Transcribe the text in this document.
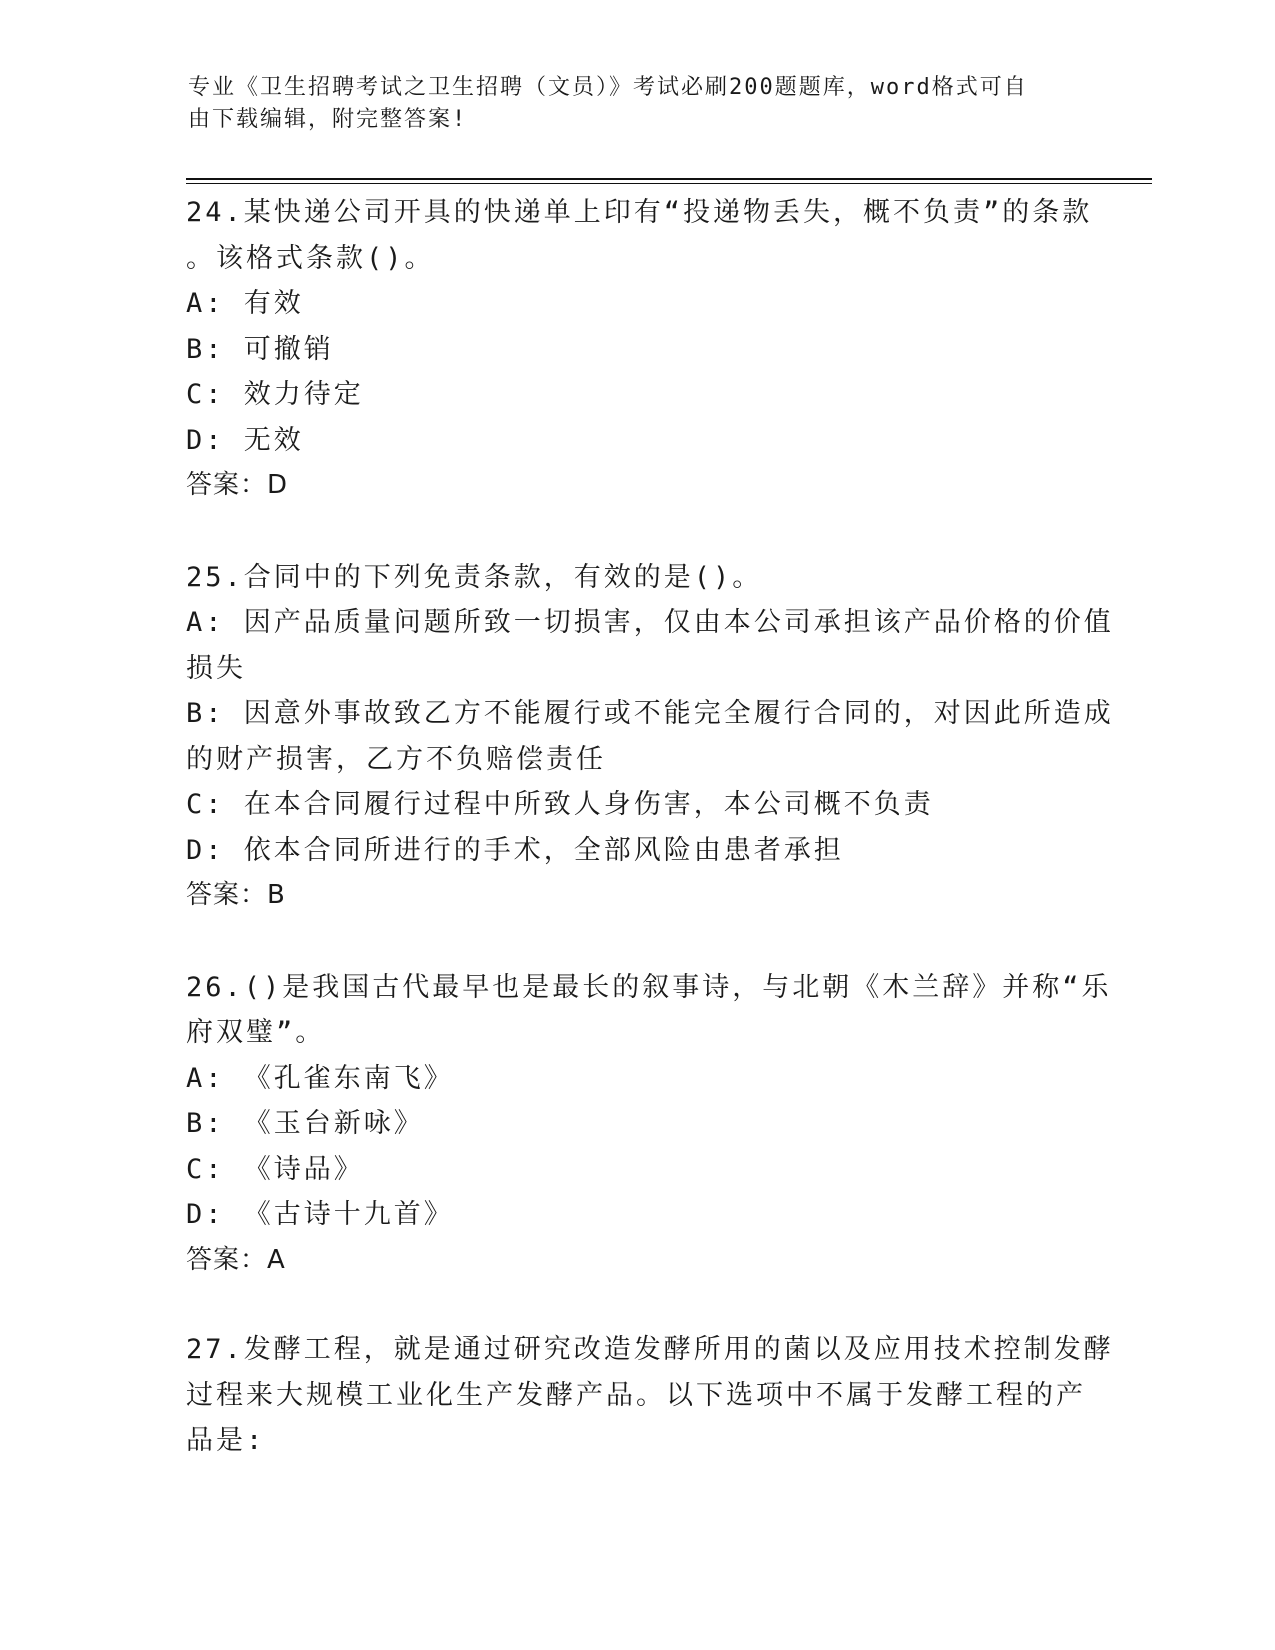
专业《卫生招聘考试之卫生招聘（文员）》考试必刷200题题库，word格式可自
由下载编辑，附完整答案!
24.某快递公司开具的快递单上印有“投递物丢失，概不负责”的条款
。该格式条款()。
A: 有效
B: 可撤销
C: 效力待定
D: 无效
答案：D
25.合同中的下列免责条款，有效的是()。
A: 因产品质量问题所致一切损害，仅由本公司承担该产品价格的价值
损失
B: 因意外事故致乙方不能履行或不能完全履行合同的，对因此所造成
的财产损害，乙方不负赔偿责任
C: 在本合同履行过程中所致人身伤害，本公司概不负责
D: 依本合同所进行的手术，全部风险由患者承担
答案：B
26.()是我国古代最早也是最长的叙事诗，与北朝《木兰辞》并称“乐
府双璧”。
A: 《孔雀东南飞》
B: 《玉台新咏》
C: 《诗品》
D: 《古诗十九首》
答案：A
27.发酵工程，就是通过研究改造发酵所用的菌以及应用技术控制发酵
过程来大规模工业化生产发酵产品。以下选项中不属于发酵工程的产
品是:
